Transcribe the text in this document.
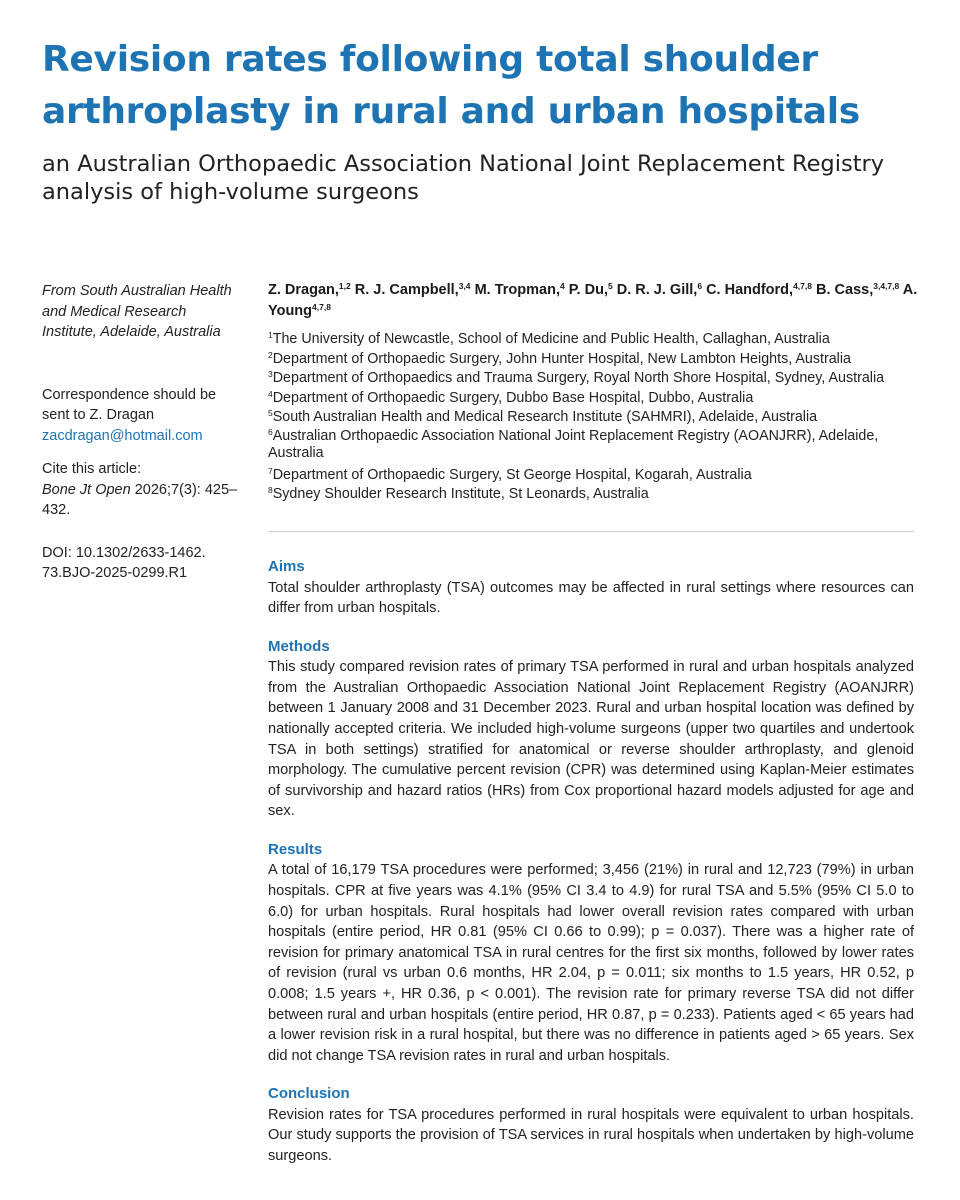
Revision rates following total shoulder arthroplasty in rural and urban hospitals
an Australian Orthopaedic Association National Joint Replacement Registry analysis of high-volume surgeons

From South Australian Health and Medical Research Institute, Adelaide, Australia

Correspondence should be sent to Z. Dragan

zacdragan@hotmail.com

Cite this article:

Bone Jt Open 2026;7(3): 425–432.

DOI: 10.1302/2633-1462. 73.BJO-2025-0299.R1

Z. Dragan,$^{1,2}$ R. J. Campbell,$^{3,4}$ M. Tropman,$^4$ P. Du,$^5$ D. R. J. Gill,$^6$ C. Handford,$^{4,7,8}$ B. Cass,$^{3,4,7,8}$ A. Young$^{4,7,8}$

$^1$The University of Newcastle, School of Medicine and Public Health, Callaghan, Australia

$^2$Department of Orthopaedic Surgery, John Hunter Hospital, New Lambton Heights, Australia

$^3$Department of Orthopaedics and Trauma Surgery, Royal North Shore Hospital, Sydney, Australia

$^4$Department of Orthopaedic Surgery, Dubbo Base Hospital, Dubbo, Australia

$^5$South Australian Health and Medical Research Institute (SAHMRI), Adelaide, Australia

$^6$Australian Orthopaedic Association National Joint Replacement Registry (AOANJRR), Adelaide, Australia

$^7$Department of Orthopaedic Surgery, St George Hospital, Kogarah, Australia

$^8$Sydney Shoulder Research Institute, St Leonards, Australia

Aims

Total shoulder arthroplasty (TSA) outcomes may be affected in rural settings where resources can differ from urban hospitals.

Methods

This study compared revision rates of primary TSA performed in rural and urban hospitals analyzed from the Australian Orthopaedic Association National Joint Replacement Registry (AOANJRR) between 1 January 2008 and 31 December 2023. Rural and urban hospital location was defined by nationally accepted criteria. We included high-volume surgeons (upper two quartiles and undertook TSA in both settings) stratified for anatomical or reverse shoulder arthroplasty, and glenoid morphology. The cumulative percent revision (CPR) was determined using Kaplan-Meier estimates of survivorship and hazard ratios (HRs) from Cox proportional hazard models adjusted for age and sex.

Results

A total of 16,179 TSA procedures were performed; 3,456 (21%) in rural and 12,723 (79%) in urban hospitals. CPR at five years was 4.1% (95% CI 3.4 to 4.9) for rural TSA and 5.5% (95% CI 5.0 to 6.0) for urban hospitals. Rural hospitals had lower overall revision rates compared with urban hospitals (entire period, HR 0.81 (95% CI 0.66 to 0.99); p = 0.037). There was a higher rate of revision for primary anatomical TSA in rural centres for the first six months, followed by lower rates of revision (rural vs urban 0.6 months, HR 2.04, p = 0.011; six months to 1.5 years, HR 0.52, p 0.008; 1.5 years +, HR 0.36, p < 0.001). The revision rate for primary reverse TSA did not differ between rural and urban hospitals (entire period, HR 0.87, p = 0.233). Patients aged < 65 years had a lower revision risk in a rural hospital, but there was no difference in patients aged > 65 years. Sex did not change TSA revision rates in rural and urban hospitals.

Conclusion

Revision rates for TSA procedures performed in rural hospitals were equivalent to urban hospitals. Our study supports the provision of TSA services in rural hospitals when undertaken by high-volume surgeons.
